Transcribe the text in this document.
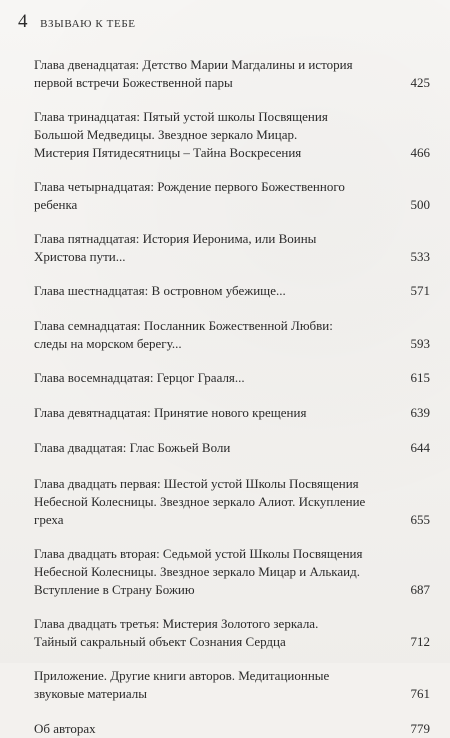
4 ВЗЫВАЮ К ТЕБЕ
Глава двенадцатая: Детство Марии Магдалины и история
первой встречи Божественной пары	425
Глава тринадцатая: Пятый устой школы Посвящения
Большой Медведицы. Звездное зеркало Мицар.
Мистерия Пятидесятницы – Тайна Воскресения	466
Глава четырнадцатая: Рождение первого Божественного
ребенка	500
Глава пятнадцатая: История Иеронима, или Воины
Христова пути...	533
Глава шестнадцатая: В островном убежище...	571
Глава семнадцатая: Посланник Божественной Любви:
следы на морском берегу...	593
Глава восемнадцатая: Герцог Грааля...	615
Глава девятнадцатая: Принятие нового крещения	639
Глава двадцатая: Глас Божьей Воли	644
Глава двадцать первая: Шестой устой Школы Посвящения
Небесной Колесницы. Звездное зеркало Алиот. Искупление
греха	655
Глава двадцать вторая: Седьмой устой Школы Посвящения
Небесной Колесницы. Звездное зеркало Мицар и Алькаид.
Вступление в Страну Божию	687
Глава двадцать третья: Мистерия Золотого зеркала.
Тайный сакральный объект Сознания Сердца	712
Приложение. Другие книги авторов. Медитационные
звуковые материалы	761
Об авторах	779
